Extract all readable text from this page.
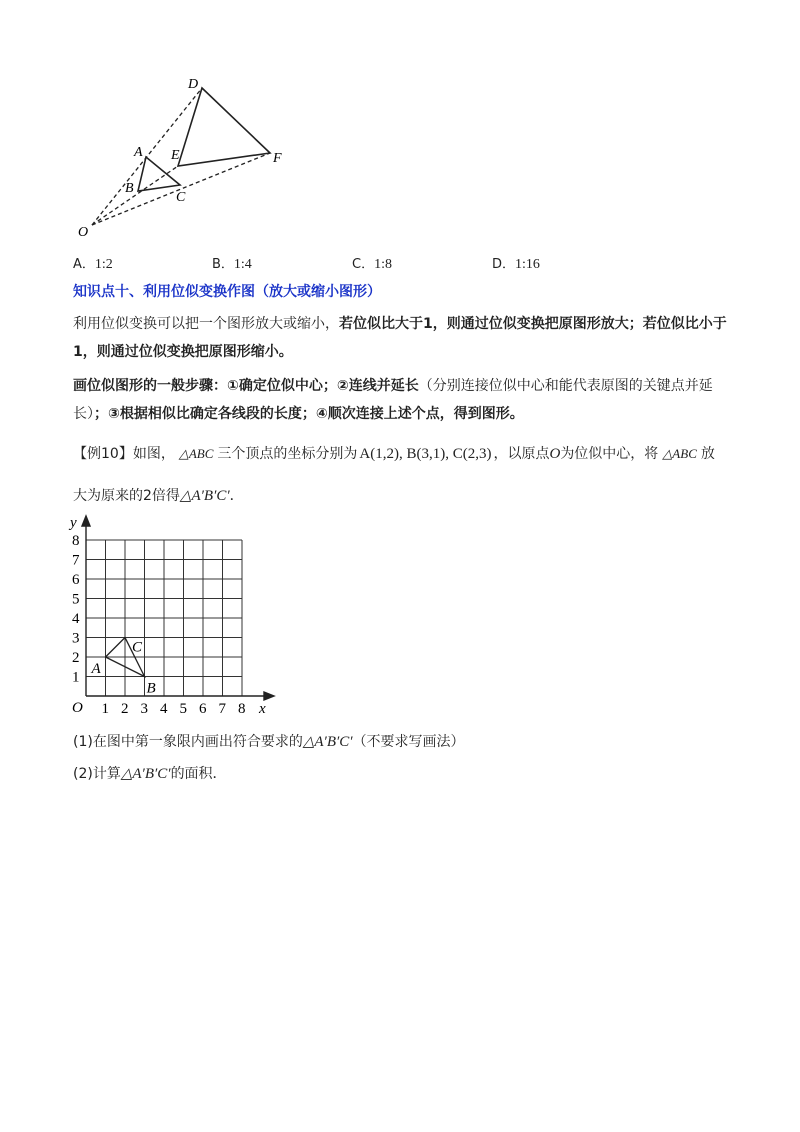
D
A E	F
B
C
O
A．1:2	B．1:4	C．1:8	D．1:16
知识点十、利用位似变换作图（放大或缩小图形）
利用位似变换可以把一个图形放大或缩小，若位似比大于1，则通过位似变换把原图形放大；若位似比小于1，则通过位似变换把原图形缩小。
画位似图形的一般步骤：①确定位似中心；②连线并延长（分别连接位似中心和能代表原图的关键点并延长）；③根据相似比确定各线段的长度；④顺次连接上述个点，得到图形。
【例10】如图， △ABC 三个顶点的坐标分别为 A(1,2), B(3,1), C(2,3) ，以原点O为位似中心，将 △ABC 放
大为原来的2倍得△A′B′C′．
1 2 3 4 5 6 7 8
1
2
3
4
5
6
7
8
O	x
y
A
B
C
(1)在图中第一象限内画出符合要求的△A′B′C′（不要求写画法）
(2)计算△A′B′C′的面积．
